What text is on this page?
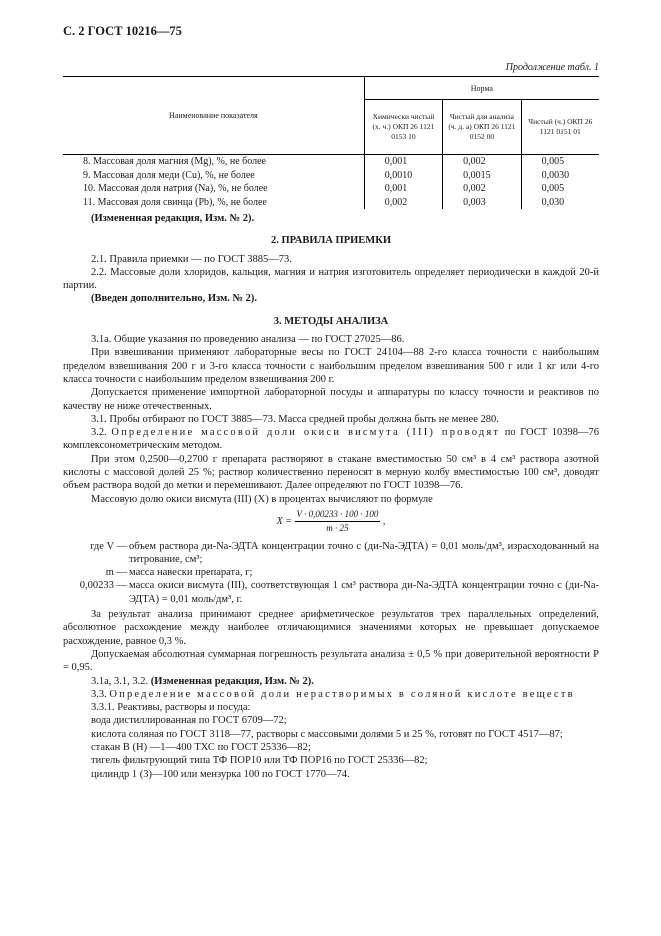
С. 2 ГОСТ 10216—75
Продолжение табл. 1
Наименование показателя	Норма		
	Химически чистый (х. ч.) ОКП 26 1121 0153 10	Чистый для анализа (ч. д. а) ОКП 26 1121 0152 00	Чистый (ч.) ОКП 26 1121 0151 01
8. Массовая доля магния (Mg), %, не более	0,001	0,002	0,005
9. Массовая доля меди (Cu), %, не более	0,0010	0,0015	0,0030
10. Массовая доля натрия (Na), %, не более	0,001	0,002	0,005
11. Массовая доля свинца (Pb), %, не более	0,002	0,003	0,030

(Измененная редакция, Изм. № 2).

2. ПРАВИЛА ПРИЕМКИ

2.1. Правила приемки — по ГОСТ 3885—73.

2.2. Массовые доли хлоридов, кальция, магния и натрия изготовитель определяет периодически в каждой 20-й партии.

(Введен дополнительно, Изм. № 2).

3. МЕТОДЫ АНАЛИЗА

3.1а. Общие указания по проведению анализа — по ГОСТ 27025—86.

При взвешивании применяют лабораторные весы по ГОСТ 24104—88 2-го класса точности с наибольшим пределом взвешивания 200 г и 3-го класса точности с наибольшим пределом взвешивания 500 г или 1 кг или 4-го класса точности с наибольшим пределом взвешивания 200 г.

Допускается применение импортной лабораторной посуды и аппаратуры по классу точности и реактивов по качеству не ниже отечественных.

3.1. Пробы отбирают по ГОСТ 3885—73. Масса средней пробы должна быть не менее 280.

3.2. Определение массовой доли окиси висмута (III) проводят по ГОСТ 10398—76 комплексонометрическим методом.

При этом 0,2500—0,2700 г препарата растворяют в стакане вместимостью 50 см³ в 4 см³ раствора азотной кислоты с массовой долей 25 %; раствор количественно переносят в мерную колбу вместимостью 100 см³, доводят объем раствора водой до метки и перемешивают. Далее определяют по ГОСТ 10398—76.

Массовую долю окиси висмута (III) (X) в процентах вычисляют по формуле

$X = \frac{V \cdot 0,00233 \cdot 100 \cdot 100}{m \cdot 25}$ ,
где V — объем раствора ди-Na-ЭДТА концентрации точно с (ди-Na-ЭДТА) = 0,01 моль/дм³, израсходованный на титрование, см³;
m — масса навески препарата, г;
0,00233 — масса окиси висмута (III), соответствующая 1 см³ раствора ди-Na-ЭДТА концентрации точно с (ди-Na-ЭДТА) = 0,01 моль/дм³, г.

За результат анализа принимают среднее арифметическое результатов трех параллельных определений, абсолютное расхождение между наиболее отличающимися значениями которых не превышает допускаемое расхождение, равное 0,3 %.

Допускаемая абсолютная суммарная погрешность результата анализа ± 0,5 % при доверительной вероятности P = 0,95.

3.1а, 3.1, 3.2. (Измененная редакция, Изм. № 2).

3.3. Определение массовой доли нерастворимых в соляной кислоте веществ

3.3.1. Реактивы, растворы и посуда:

вода дистиллированная по ГОСТ 6709—72;

кислота соляная по ГОСТ 3118—77, растворы с массовыми долями 5 и 25 %, готовят по ГОСТ 4517—87;

стакан В (Н) —1—400 ТХС по ГОСТ 25336—82;

тигель фильтрующий типа ТФ ПОР10 или ТФ ПОР16 по ГОСТ 25336—82;

цилиндр 1 (3)—100 или мензурка 100 по ГОСТ 1770—74.
